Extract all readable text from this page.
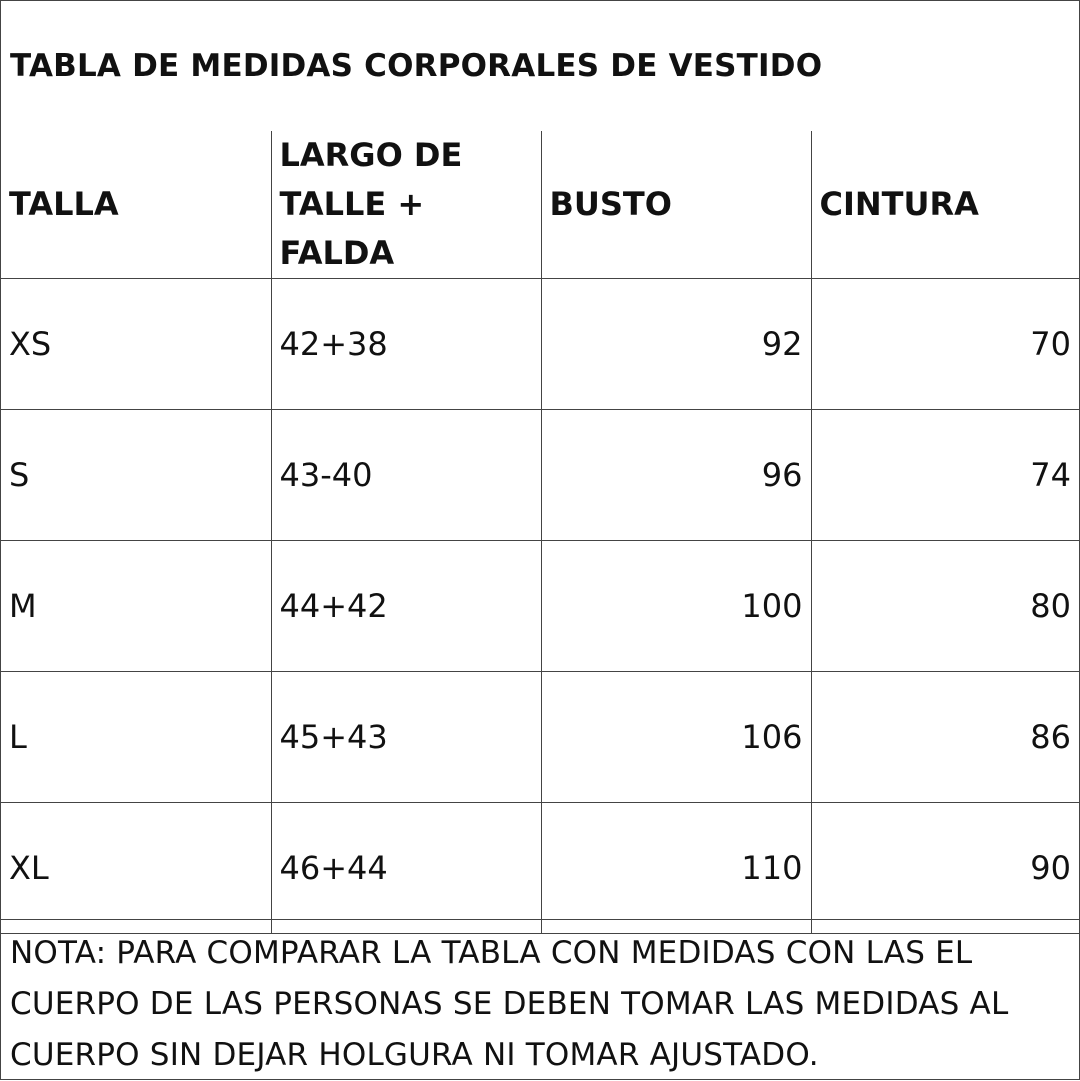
TABLA DE MEDIDAS CORPORALES DE VESTIDO
TALLA	LARGO DE TALLE + FALDA	BUSTO	CINTURA
XS	42+38	92	70
S	43-40	96	74
M	44+42	100	80
L	45+43	106	86
XL	46+44	110	90
NOTA: PARA COMPARAR LA TABLA CON MEDIDAS CON LAS EL CUERPO DE LAS PERSONAS SE DEBEN TOMAR LAS MEDIDAS AL CUERPO SIN DEJAR HOLGURA NI TOMAR AJUSTADO.
